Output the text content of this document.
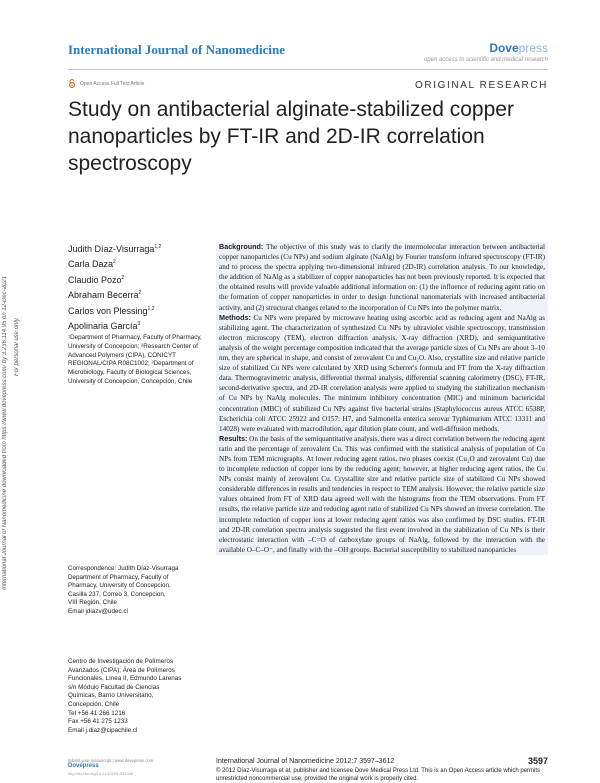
International Journal of Nanomedicine	Dovepress
open access to scientific and medical research
Open Access Full Text Article	ORIGINAL RESEARCH
Study on antibacterial alginate-stabilized copper nanoparticles by FT-IR and 2D-IR correlation spectroscopy
International Journal of Nanomedicine downloaded from https://www.dovepress.com/ by 3.236.114.95 on 12-Dec-2021	For personal use only.
Judith Díaz-Visurraga$^{1,2}$
Carla Daza$^2$
Claudio Pozo$^2$
Abraham Becerra$^2$
Carlos von Plessing$^{1,2}$
Apolinaria García$^3$
¹Department of Pharmacy, Faculty of Pharmacy, University of Concepcion; ²Research Center of Advanced Polymers (CIPA), CONICYT REGIONAL/CIPA R08C1002; ³Department of Microbiology, Faculty of Biological Sciences, University of Concepcion, Concepción, Chile
Correspondence: Judith Díaz-Visurraga
Department of Pharmacy, Faculty of
Pharmacy, University of Concepcion,
Casilla 237, Correo 3, Concepcion,
VIII Región, Chile
Email jdiazv@udec.cl
Centro de Investigación de Polímeros
Avanzados (CIPA), Área de Polímeros
Funcionales, Línea II, Edmundo Larenas
s/n Módulo Facultad de Ciencias
Químicas, Barrio Universitario,
Concepción, Chile
Tel +56 41 266 1216
Fax +56 41 275 1233
Email j.diaz@cipachile.cl

Background: The objective of this study was to clarify the intermolecular interaction between antibacterial copper nanoparticles (Cu NPs) and sodium alginate (NaAlg) by Fourier transform infrared spectroscopy (FT-IR) and to process the spectra applying two-dimensional infrared (2D-IR) correlation analysis. To our knowledge, the addition of NaAlg as a stabilizer of copper nanoparticles has not been previously reported. It is expected that the obtained results will provide valuable additional information on: (1) the influence of reducing agent ratio on the formation of copper nanoparticles in order to design functional nanomaterials with increased antibacterial activity, and (2) structural changes related to the incorporation of Cu NPs into the polymer matrix.

Methods: Cu NPs were prepared by microwave heating using ascorbic acid as reducing agent and NaAlg as stabilizing agent. The characterization of synthesized Cu NPs by ultraviolet visible spectroscopy, transmission electron microscopy (TEM), electron diffraction analysis, X-ray diffraction (XRD), and semiquantitative analysis of the weight percentage composition indicated that the average particle sizes of Cu NPs are about 3–10 nm, they are spherical in shape, and consist of zerovalent Cu and Cu₂O. Also, crystallite size and relative particle size of stabilized Cu NPs were calculated by XRD using Scherrer's formula and FT from the X-ray diffraction data. Thermogravimetric analysis, differential thermal analysis, differential scanning calorimetry (DSC), FT-IR, second-derivative spectra, and 2D-IR correlation analysis were applied to studying the stabilization mechanism of Cu NPs by NaAlg molecules. The minimum inhibitory concentration (MIC) and minimum bactericidal concentration (MBC) of stabilized Cu NPs against five bacterial strains (Staphylococcus aureus ATCC 6538P, Escherichia coli ATCC 25922 and O157: H7, and Salmonella enterica serovar Typhimurium ATCC 13311 and 14028) were evaluated with macrodilution, agar dilution plate count, and well-diffusion methods.

Results: On the basis of the semiquantitative analysis, there was a direct correlation between the reducing agent ratio and the percentage of zerovalent Cu. This was confirmed with the statistical analysis of population of Cu NPs from TEM micrographs. At lower reducing agent ratios, two phases coexist (Cu₂O and zerovalent Cu) due to incomplete reduction of copper ions by the reducing agent; however, at higher reducing agent ratios, the Cu NPs consist mainly of zerovalent Cu. Crystallite size and relative particle size of stabilized Cu NPs showed considerable differences in results and tendencies in respect to TEM analysis. However, the relative particle size values obtained from FT of XRD data agreed well with the histograms from the TEM observations. From FT results, the relative particle size and reducing agent ratio of stabilized Cu NPs showed an inverse correlation. The incomplete reduction of copper ions at lower reducing agent ratios was also confirmed by DSC studies. FT-IR and 2D-IR correlation spectra analysis suggested the first event involved in the stabilization of Cu NPs is their electrostatic interaction with –C=O of carboxylate groups of NaAlg, followed by the interaction with the available O–C–O⁻, and finally with the –OH groups. Bacterial susceptibility to stabilized nanoparticles

submit your manuscript | www.dovepress.com
Dovepress
http://dx.doi.org/10.2147/IJN.S31346
International Journal of Nanomedicine 2012:7 3597–3612	3597
© 2012 Díaz-Visurraga et al, publisher and licensee Dove Medical Press Ltd. This is an Open Access article which permits unrestricted noncommercial use, provided the original work is properly cited.
